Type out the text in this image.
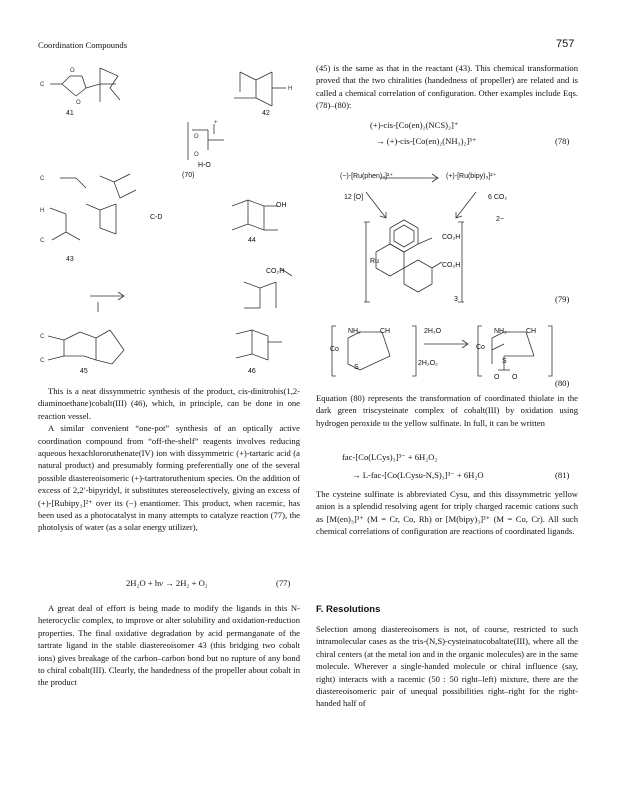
Coordination Compounds	757
C
O
O
41
H
42
O
O
+
H-O
C
H
C
43
(70)
C-D
OH
44
CO₂H
C
C
45	46

This is a neat dissymmetric synthesis of the product, cis-dinitrobis(1,2-diaminoethane)cobalt(III) (46), which, in principle, can be done in one reaction vessel.

A similar convenient “one-pot” synthesis of an optically active coordination compound from “off-the-shelf” reagents involves reducing aqueous hexachlororuthenate(IV) ion with dissymmetric (+)-tartaric acid (a natural product) and presumably forming preferentially one of the several possible diastereoisomeric (+)-tartratoruthenium species. On the addition of excess of 2,2′-bipyridyl, it substitutes stereoselectively, giving an excess of (+)-[Rubipy₃]²⁺ over its (−) enantiomer. This product, when racemic, has been used as a photocatalyst in many attempts to catalyze reaction (77), the photolysis of water (as a solar energy utilizer),

2H₂O + hν → 2H₂ + O₂	(77)

A great deal of effort is being made to modify the ligands in this N-heterocyclic complex, to improve or alter solubility and oxidation-reduction properties. The final oxidative degradation by acid permanganate of the tartrate ligand in the stable diastereoisomer 43 (this bridging two cobalt ions) gives breakage of the carbon–carbon bond but no rupture of any bond to chiral cobalt(III). Clearly, the handedness of the propeller about cobalt in the product

(45) is the same as that in the reactant (43). This chemical transformation proved that the two chiralities (handedness of propeller) are related and is called a chemical correlation of configuration. Other examples include Eqs. (78)–(80):

(+)-cis-[Co(en)₂(NCS)₂]⁺
→ (+)-cis-[Co(en)₂(NH₃)₂]³⁺	(78)
(−)-[Ru(phen)₃]²⁺	(+)-[Ru(bipy)₃]²⁺
12 [O]	6 CO₂
2−
CO₂H
CO₂H
Ru
3	(79)
Co	Co
NH₂	NH₂
CH	CH
S
S
O O
2H₂O
2H₂O₂
(80)

Equation (80) represents the transformation of coordinated thiolate in the dark green triscysteinate complex of cobalt(III) by oxidation using hydrogen peroxide to the yellow sulfinate. In full, it can be written

fac-[Co(LCys)₃]³⁻ + 6H₂O₂
→ L-fac-[Co(LCysu-N,S)₃]³⁻ + 6H₂O	(81)

The cysteine sulfinate is abbreviated Cysu, and this dissymmetric yellow anion is a splendid resolving agent for triply charged racemic cations such as [M(en)₃]³⁺ (M = Cr, Co, Rh) or [M(bipy)₃]³⁺ (M = Co, Cr). All such chemical correlations of configuration are reactions of coordinated ligands.

F. Resolutions

Selection among diastereoisomers is not, of course, restricted to such intramolecular cases as the tris-(N,S)-cysteinatocobaltate(III), where all the chiral centers (at the metal ion and in the organic molecules) are in the same molecule. Wherever a single-handed molecule or chiral influence (say, right) interacts with a racemic (50 : 50 right–left) mixture, there are the diastereoisomeric pair of unequal possibilities right–right for the right-handed half of
